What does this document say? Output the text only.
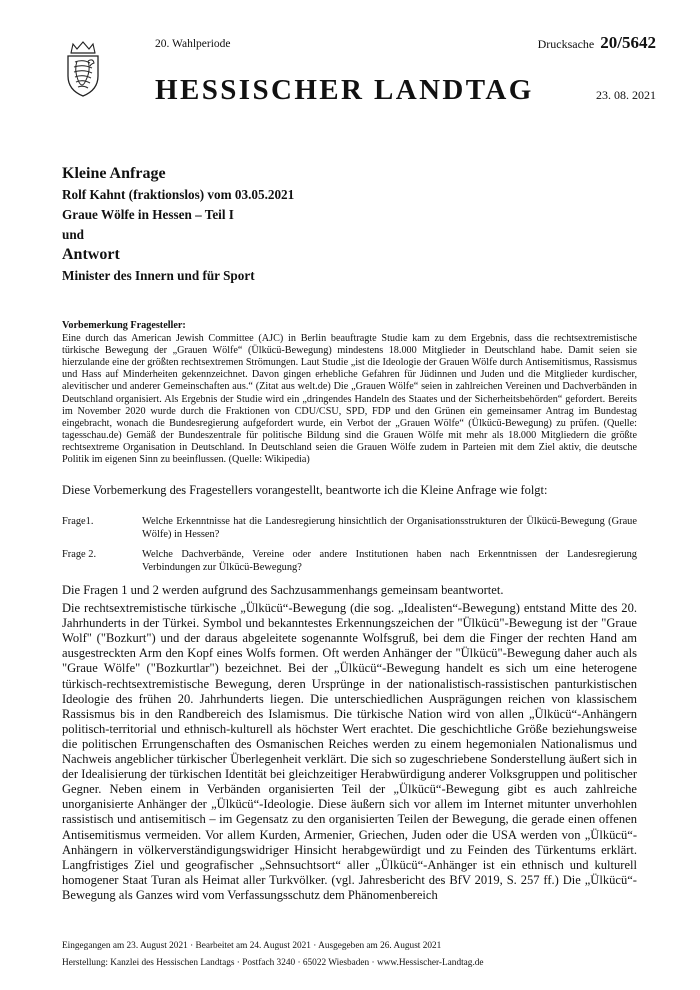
20. Wahlperiode	Drucksache 20/5642
HESSISCHER LANDTAG	23. 08. 2021
Kleine Anfrage
Rolf Kahnt (fraktionslos) vom 03.05.2021
Graue Wölfe in Hessen – Teil I
und
Antwort
Minister des Innern und für Sport
Vorbemerkung Fragesteller:
Eine durch das American Jewish Committee (AJC) in Berlin beauftragte Studie kam zu dem Ergebnis, dass die rechtsextremistische türkische Bewegung der „Grauen Wölfe“ (Ülkücü-Bewegung) mindestens 18.000 Mitglieder in Deutschland habe. Damit seien sie hierzulande eine der größten rechtsextremen Strömungen. Laut Studie „ist die Ideologie der Grauen Wölfe durch Antisemitismus, Rassismus und Hass auf Minderheiten gekennzeichnet. Davon gingen erhebliche Gefahren für Jüdinnen und Juden und die Mitglieder kurdischer, alevitischer und anderer Gemeinschaften aus.“ (Zitat aus welt.de) Die „Grauen Wölfe“ seien in zahlreichen Vereinen und Dachverbänden in Deutschland organisiert. Als Ergebnis der Studie wird ein „dringendes Handeln des Staates und der Sicherheitsbehörden“ gefordert. Bereits im November 2020 wurde durch die Fraktionen von CDU/CSU, SPD, FDP und den Grünen ein gemeinsamer Antrag im Bundestag eingebracht, wonach die Bundesregierung aufgefordert wurde, ein Verbot der „Grauen Wölfe“ (Ülkücü-Bewegung) zu prüfen. (Quelle: tagesschau.de) Gemäß der Bundeszentrale für politische Bildung sind die Grauen Wölfe mit mehr als 18.000 Mitgliedern die größte rechtsextreme Organisation in Deutschland. In Deutschland seien die Grauen Wölfe zudem in Parteien mit dem Ziel aktiv, die deutsche Politik im eigenen Sinn zu beeinflussen. (Quelle: Wikipedia)
Diese Vorbemerkung des Fragestellers vorangestellt, beantworte ich die Kleine Anfrage wie folgt:
Frage1.	Welche Erkenntnisse hat die Landesregierung hinsichtlich der Organisationsstrukturen der Ülkücü-Bewegung (Graue Wölfe) in Hessen?
Frage 2.	Welche Dachverbände, Vereine oder andere Institutionen haben nach Erkenntnissen der Landesregierung Verbindungen zur Ülkücü-Bewegung?

Die Fragen 1 und 2 werden aufgrund des Sachzusammenhangs gemeinsam beantwortet.

Die rechtsextremistische türkische „Ülkücü“-Bewegung (die sog. „Idealisten“-Bewegung) entstand Mitte des 20. Jahrhunderts in der Türkei. Symbol und bekanntestes Erkennungszeichen der "Ülkücü"-Bewegung ist der "Graue Wolf" ("Bozkurt") und der daraus abgeleitete sogenannte Wolfsgruß, bei dem die Finger der rechten Hand am ausgestreckten Arm den Kopf eines Wolfs formen. Oft werden Anhänger der "Ülkücü"-Bewegung daher auch als "Graue Wölfe" ("Bozkurtlar") bezeichnet. Bei der „Ülkücü“-Bewegung handelt es sich um eine heterogene türkisch-rechtsextremistische Bewegung, deren Ursprünge in der nationalistisch-rassistischen panturkistischen Ideologie des frühen 20. Jahrhunderts liegen. Die unterschiedlichen Ausprägungen reichen von klassischem Rassismus bis in den Randbereich des Islamismus. Die türkische Nation wird von allen „Ülkücü“-Anhängern politisch-territorial und ethnisch-kulturell als höchster Wert erachtet. Die geschichtliche Größe beziehungsweise die politischen Errungenschaften des Osmanischen Reiches werden zu einem hegemonialen Nationalismus und Nachweis angeblicher türkischer Überlegenheit verklärt. Die sich so zugeschriebene Sonderstellung äußert sich in der Idealisierung der türkischen Identität bei gleichzeitiger Herabwürdigung anderer Volksgruppen und politischer Gegner. Neben einem in Verbänden organisierten Teil der „Ülkücü“-Bewegung gibt es auch zahlreiche unorganisierte Anhänger der „Ülkücü“-Ideologie. Diese äußern sich vor allem im Internet mitunter unverhohlen rassistisch und antisemitisch – im Gegensatz zu den organisierten Teilen der Bewegung, die gerade einen offenen Antisemitismus vermeiden. Vor allem Kurden, Armenier, Griechen, Juden oder die USA werden von „Ülkücü“-Anhängern in völkerverständigungswidriger Hinsicht herabgewürdigt und zu Feinden des Türkentums erklärt. Langfristiges Ziel und geografischer „Sehnsuchtsort“ aller „Ülkücü“-Anhänger ist ein ethnisch und kulturell homogener Staat Turan als Heimat aller Turkvölker. (vgl. Jahresbericht des BfV 2019, S. 257 ff.) Die „Ülkücü“-Bewegung als Ganzes wird vom Verfassungsschutz dem Phänomenbereich

Eingegangen am 23. August 2021 · Bearbeitet am 24. August 2021 · Ausgegeben am 26. August 2021
Herstellung: Kanzlei des Hessischen Landtags · Postfach 3240 · 65022 Wiesbaden · www.Hessischer-Landtag.de
